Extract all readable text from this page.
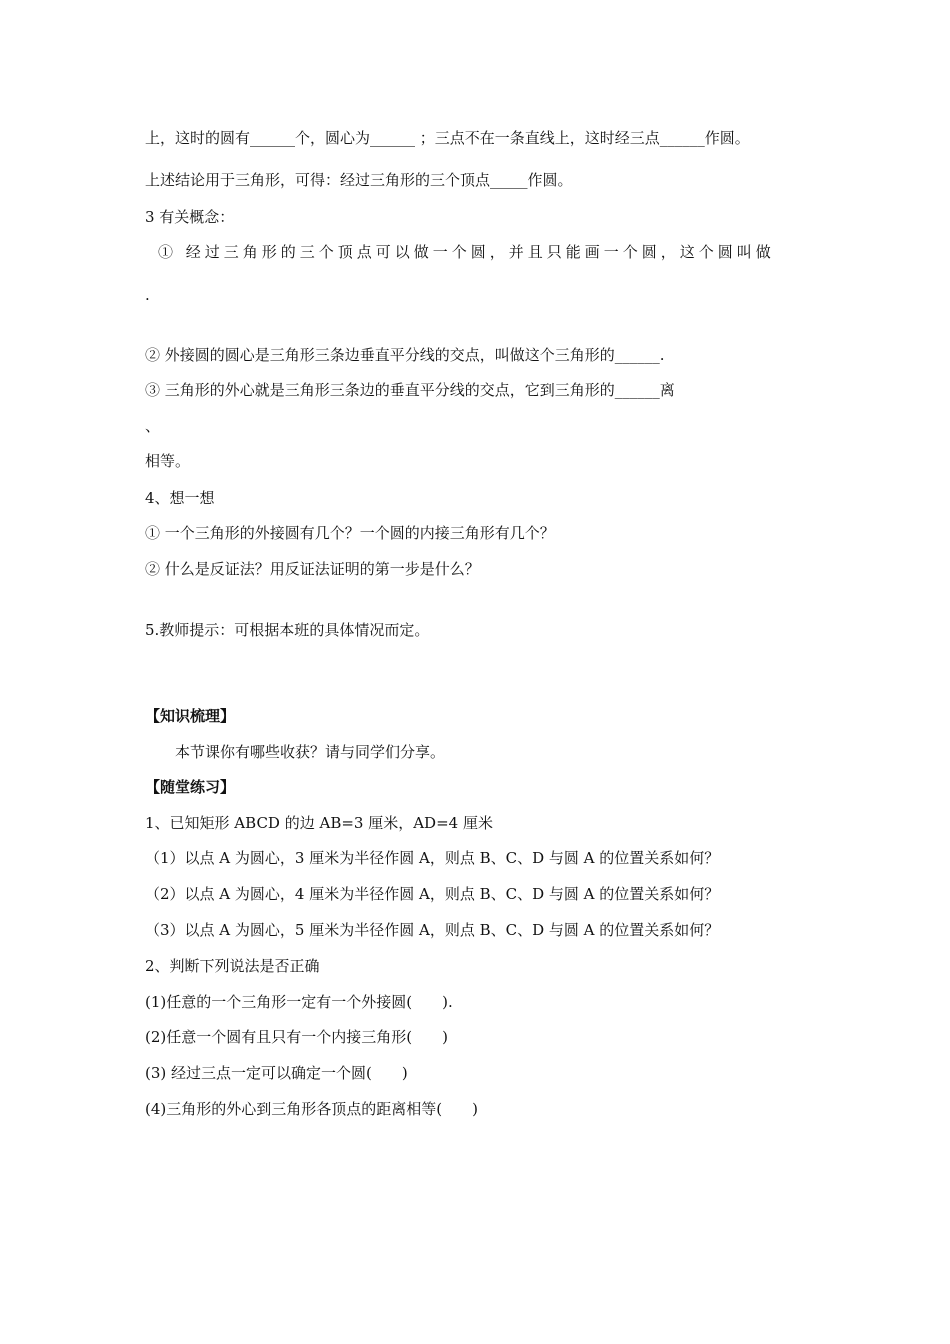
上，这时的圆有______个，圆心为______ ；三点不在一条直线上，这时经三点______作圆。
上述结论用于三角形，可得：经过三角形的三个顶点_____作圆。
3 有关概念：
① 经过三角形的三个顶点可以做一个圆，并且只能画一个圆，这个圆叫做
.
② 外接圆的圆心是三角形三条边垂直平分线的交点，叫做这个三角形的______.
③ 三角形的外心就是三角形三条边的垂直平分线的交点，它到三角形的______离
、
相等。
4、想一想
① 一个三角形的外接圆有几个？一个圆的内接三角形有几个？
② 什么是反证法？用反证法证明的第一步是什么？
5.教师提示：可根据本班的具体情况而定。
【知识梳理】
本节课你有哪些收获？请与同学们分享。
【随堂练习】
1、已知矩形 ABCD 的边 AB=3 厘米，AD=4 厘米
（1）以点 A 为圆心，3 厘米为半径作圆 A，则点 B、C、D 与圆 A 的位置关系如何？
（2）以点 A 为圆心，4 厘米为半径作圆 A，则点 B、C、D 与圆 A 的位置关系如何？
（3）以点 A 为圆心，5 厘米为半径作圆 A，则点 B、C、D 与圆 A 的位置关系如何？
2、判断下列说法是否正确
(1)任意的一个三角形一定有一个外接圆(　　).
(2)任意一个圆有且只有一个内接三角形(　　)
(3) 经过三点一定可以确定一个圆(　　)
(4)三角形的外心到三角形各顶点的距离相等(　　)
